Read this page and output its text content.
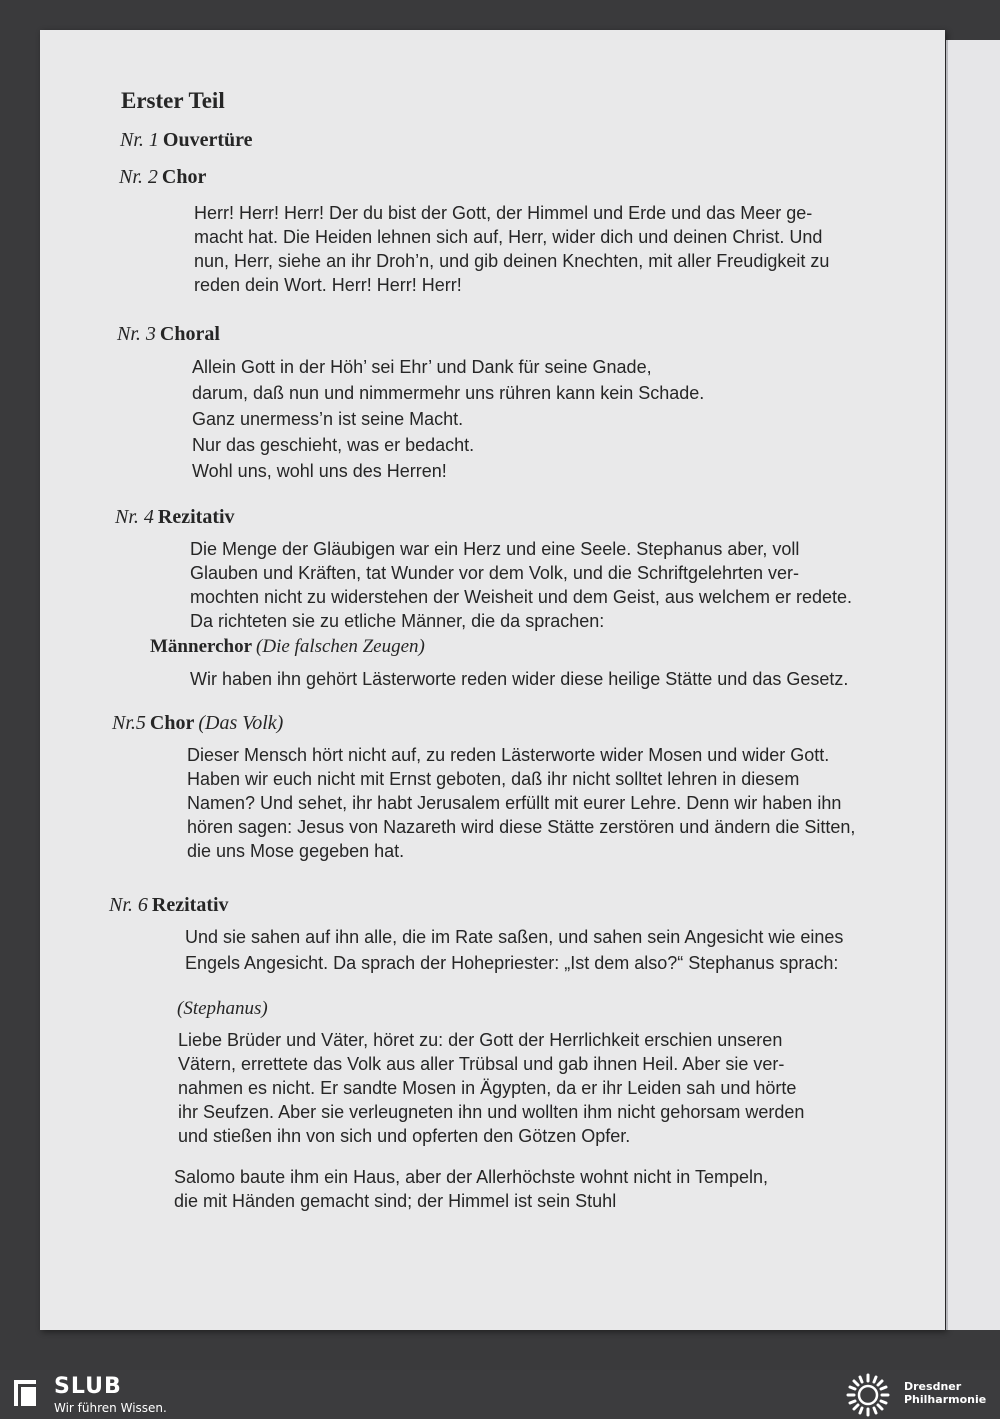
Erster Teil
Nr. 1 Ouvertüre
Nr. 2 Chor
Herr! Herr! Herr! Der du bist der Gott, der Himmel und Erde und das Meer ge-
macht hat. Die Heiden lehnen sich auf, Herr, wider dich und deinen Christ. Und
nun, Herr, siehe an ihr Droh’n, und gib deinen Knechten, mit aller Freudigkeit zu
reden dein Wort. Herr! Herr! Herr!
Nr. 3 Choral
Allein Gott in der Höh’ sei Ehr’ und Dank für seine Gnade,
darum, daß nun und nimmermehr uns rühren kann kein Schade.
Ganz unermess’n ist seine Macht.
Nur das geschieht, was er bedacht.
Wohl uns, wohl uns des Herren!
Nr. 4 Rezitativ
Die Menge der Gläubigen war ein Herz und eine Seele. Stephanus aber, voll
Glauben und Kräften, tat Wunder vor dem Volk, und die Schriftgelehrten ver-
mochten nicht zu widerstehen der Weisheit und dem Geist, aus welchem er redete.
Da richteten sie zu etliche Männer, die da sprachen:
Männerchor (Die falschen Zeugen)
Wir haben ihn gehört Lästerworte reden wider diese heilige Stätte und das Gesetz.
Nr.5 Chor (Das Volk)
Dieser Mensch hört nicht auf, zu reden Lästerworte wider Mosen und wider Gott.
Haben wir euch nicht mit Ernst geboten, daß ihr nicht solltet lehren in diesem
Namen? Und sehet, ihr habt Jerusalem erfüllt mit eurer Lehre. Denn wir haben ihn
hören sagen: Jesus von Nazareth wird diese Stätte zerstören und ändern die Sitten,
die uns Mose gegeben hat.
Nr. 6 Rezitativ
Und sie sahen auf ihn alle, die im Rate saßen, und sahen sein Angesicht wie eines
Engels Angesicht. Da sprach der Hohepriester: „Ist dem also?“ Stephanus sprach:
(Stephanus)
Liebe Brüder und Väter, höret zu: der Gott der Herrlichkeit erschien unseren
Vätern, errettete das Volk aus aller Trübsal und gab ihnen Heil. Aber sie ver-
nahmen es nicht. Er sandte Mosen in Ägypten, da er ihr Leiden sah und hörte
ihr Seufzen. Aber sie verleugneten ihn und wollten ihm nicht gehorsam werden
und stießen ihn von sich und opferten den Götzen Opfer.
Salomo baute ihm ein Haus, aber der Allerhöchste wohnt nicht in Tempeln,
die mit Händen gemacht sind; der Himmel ist sein Stuhl
SLUB
Wir führen Wissen.
Dresdner
Philharmonie
